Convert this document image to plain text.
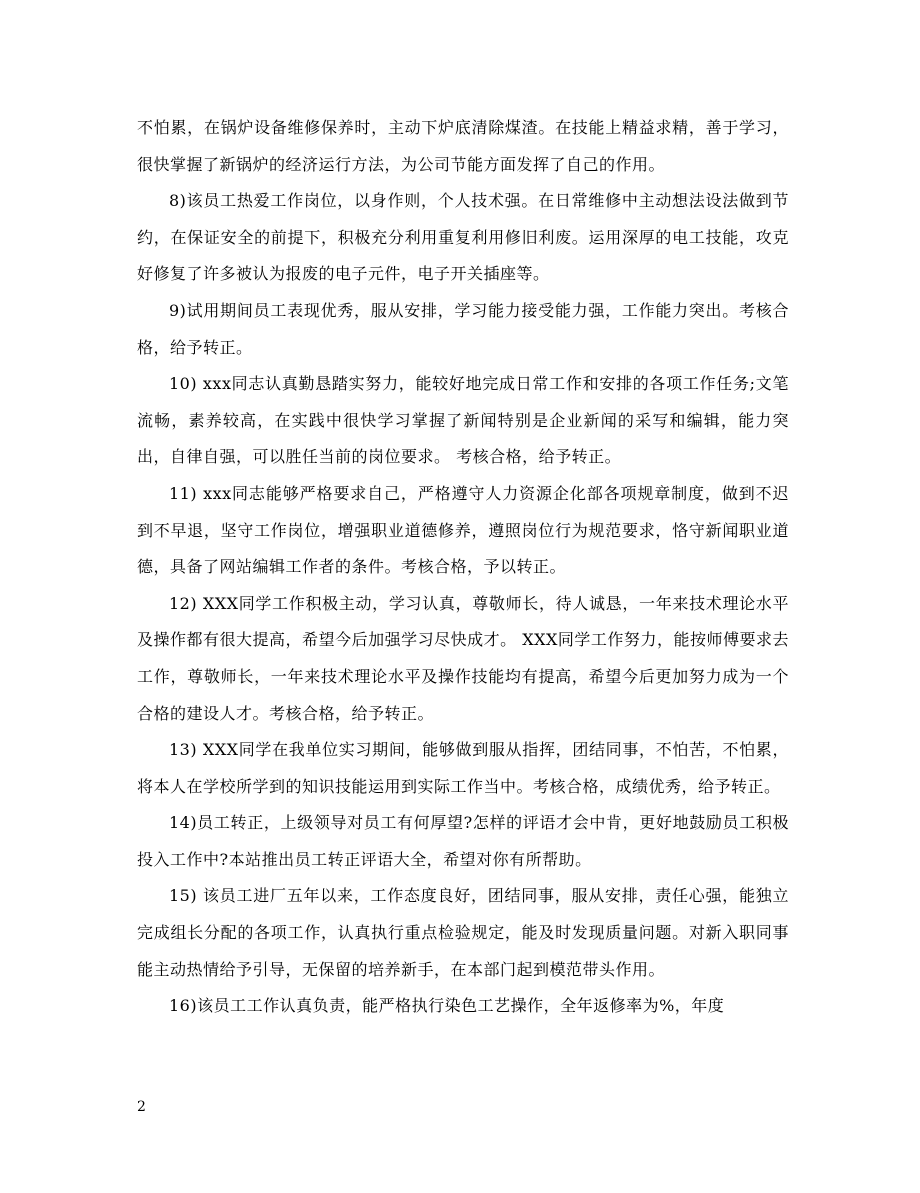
不怕累，在锅炉设备维修保养时，主动下炉底清除煤渣。在技能上精益求精，善于学习，很快掌握了新锅炉的经济运行方法，为公司节能方面发挥了自己的作用。

8)该员工热爱工作岗位，以身作则，个人技术强。在日常维修中主动想法设法做到节约，在保证安全的前提下，积极充分利用重复利用修旧利废。运用深厚的电工技能，攻克好修复了许多被认为报废的电子元件，电子开关插座等。

9)试用期间员工表现优秀，服从安排，学习能力接受能力强，工作能力突出。考核合格，给予转正。

10) xxx同志认真勤恳踏实努力，能较好地完成日常工作和安排的各项工作任务;文笔流畅，素养较高，在实践中很快学习掌握了新闻特别是企业新闻的采写和编辑，能力突出，自律自强，可以胜任当前的岗位要求。 考核合格，给予转正。

11) xxx同志能够严格要求自己，严格遵守人力资源企化部各项规章制度，做到不迟到不早退，坚守工作岗位，增强职业道德修养，遵照岗位行为规范要求，恪守新闻职业道德，具备了网站编辑工作者的条件。考核合格，予以转正。

12) XXX同学工作积极主动，学习认真，尊敬师长，待人诚恳，一年来技术理论水平及操作都有很大提高，希望今后加强学习尽快成才。 XXX同学工作努力，能按师傅要求去工作，尊敬师长，一年来技术理论水平及操作技能均有提高，希望今后更加努力成为一个合格的建设人才。考核合格，给予转正。

13) XXX同学在我单位实习期间，能够做到服从指挥，团结同事，不怕苦，不怕累，将本人在学校所学到的知识技能运用到实际工作当中。考核合格，成绩优秀，给予转正。

14)员工转正，上级领导对员工有何厚望?怎样的评语才会中肯，更好地鼓励员工积极投入工作中?本站推出员工转正评语大全，希望对你有所帮助。

15) 该员工进厂五年以来，工作态度良好，团结同事，服从安排，责任心强，能独立完成组长分配的各项工作，认真执行重点检验规定，能及时发现质量问题。对新入职同事能主动热情给予引导，无保留的培养新手，在本部门起到模范带头作用。

16)该员工工作认真负责，能严格执行染色工艺操作，全年返修率为%，年度

2
